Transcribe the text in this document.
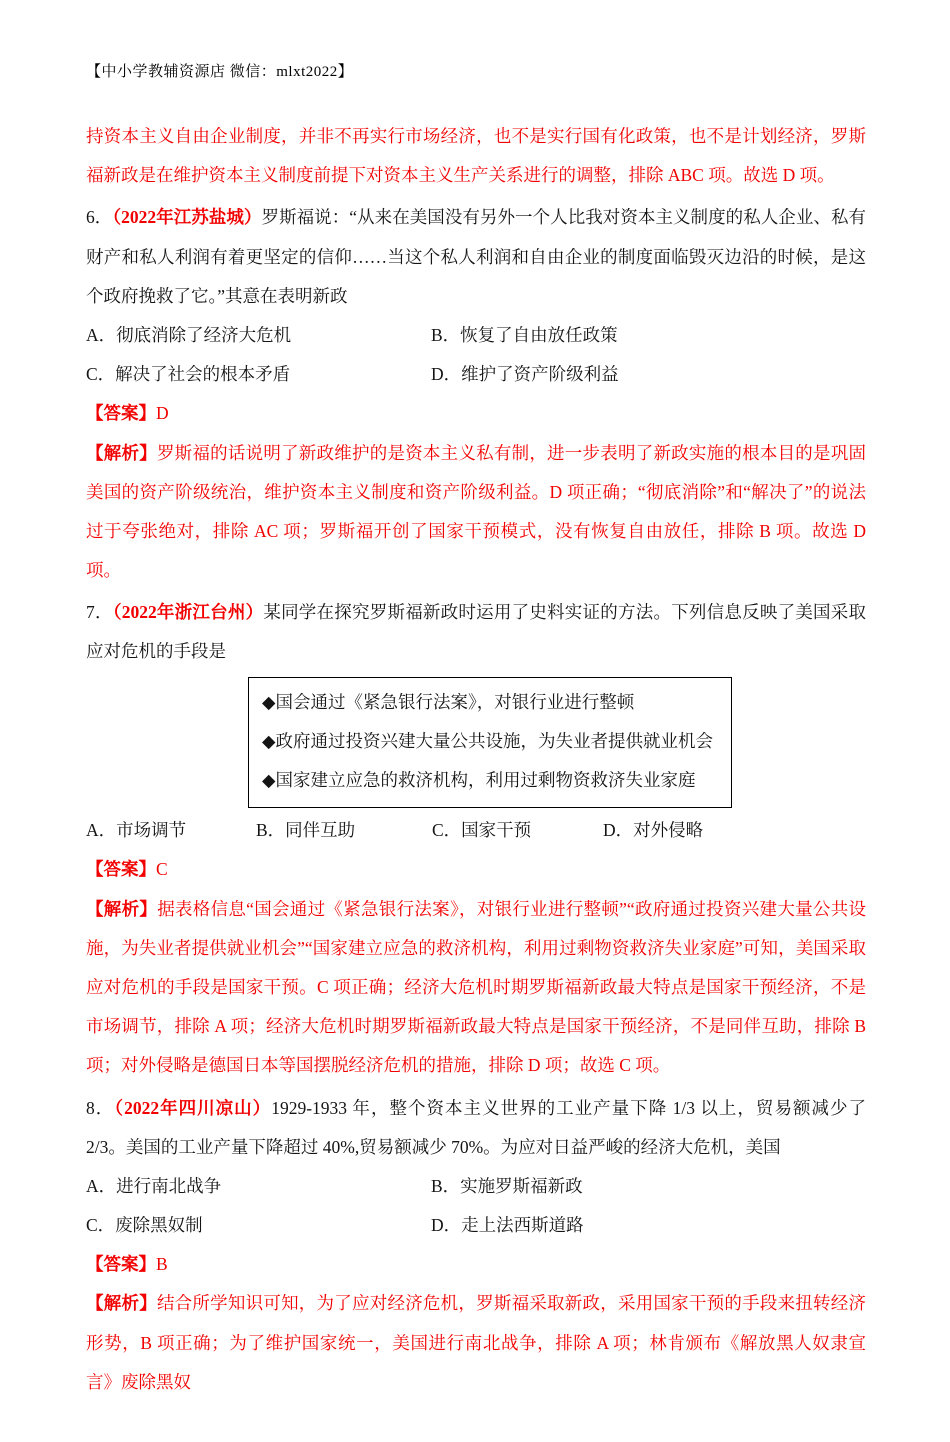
【中小学教辅资源店 微信：mlxt2022】

持资本主义自由企业制度，并非不再实行市场经济，也不是实行国有化政策，也不是计划经济，罗斯福新政是在维护资本主义制度前提下对资本主义生产关系进行的调整，排除 ABC 项。故选 D 项。

6．（2022年江苏盐城）罗斯福说：“从来在美国没有另外一个人比我对资本主义制度的私人企业、私有财产和私人利润有着更坚定的信仰……当这个私人利润和自由企业的制度面临毁灭边沿的时候，是这个政府挽救了它。”其意在表明新政

A．彻底消除了经济大危机	B．恢复了自由放任政策
C．解决了社会的根本矛盾	D．维护了资产阶级利益

【答案】D

【解析】罗斯福的话说明了新政维护的是资本主义私有制，进一步表明了新政实施的根本目的是巩固美国的资产阶级统治，维护资本主义制度和资产阶级利益。D 项正确；“彻底消除”和“解决了”的说法过于夸张绝对，排除 AC 项；罗斯福开创了国家干预模式，没有恢复自由放任，排除 B 项。故选 D 项。

7．（2022年浙江台州）某同学在探究罗斯福新政时运用了史料实证的方法。下列信息反映了美国采取应对危机的手段是

◆国会通过《紧急银行法案》，对银行业进行整顿
◆政府通过投资兴建大量公共设施，为失业者提供就业机会
◆国家建立应急的救济机构，利用过剩物资救济失业家庭
A．市场调节	B．同伴互助	C．国家干预	D．对外侵略

【答案】C

【解析】据表格信息“国会通过《紧急银行法案》，对银行业进行整顿”“政府通过投资兴建大量公共设施，为失业者提供就业机会”“国家建立应急的救济机构，利用过剩物资救济失业家庭”可知，美国采取应对危机的手段是国家干预。C 项正确；经济大危机时期罗斯福新政最大特点是国家干预经济，不是市场调节，排除 A 项；经济大危机时期罗斯福新政最大特点是国家干预经济，不是同伴互助，排除 B 项；对外侵略是德国日本等国摆脱经济危机的措施，排除 D 项；故选 C 项。

8．（2022年四川凉山）1929-1933 年，整个资本主义世界的工业产量下降 1/3 以上，贸易额减少了 2/3。美国的工业产量下降超过 40%,贸易额减少 70%。为应对日益严峻的经济大危机，美国

A．进行南北战争	B．实施罗斯福新政
C．废除黑奴制	D．走上法西斯道路

【答案】B

【解析】结合所学知识可知，为了应对经济危机，罗斯福采取新政，采用国家干预的手段来扭转经济形势，B 项正确；为了维护国家统一，美国进行南北战争，排除 A 项；林肯颁布《解放黑人奴隶宣言》废除黑奴
